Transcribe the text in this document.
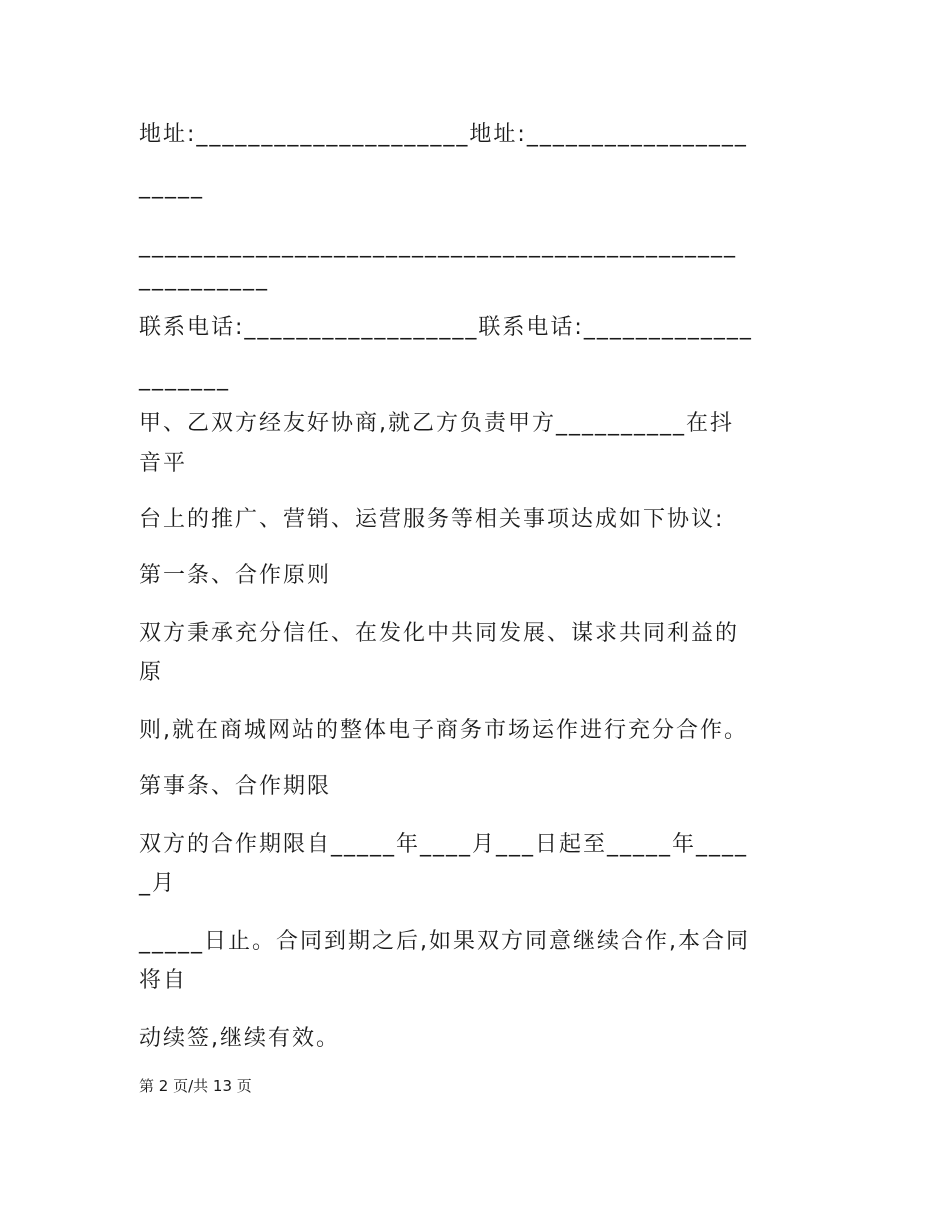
地址:_____________________地址:_________________
_____
______________________________________________
__________
联系电话:__________________联系电话:_____________
_______
甲、乙双方经友好协商,就乙方负责甲方__________在抖
音平
台上的推广、营销、运营服务等相关事项达成如下协议:
第一条、合作原则
双方秉承充分信任、在发化中共同发展、谋求共同利益的
原
则,就在商城网站的整体电子商务市场运作进行充分合作。
第事条、合作期限
双方的合作期限自_____年____月___日起至_____年____
_月
_____日止。合同到期之后,如果双方同意继续合作,本合同
将自
动续签,继续有效。
第 2 页/共 13 页
